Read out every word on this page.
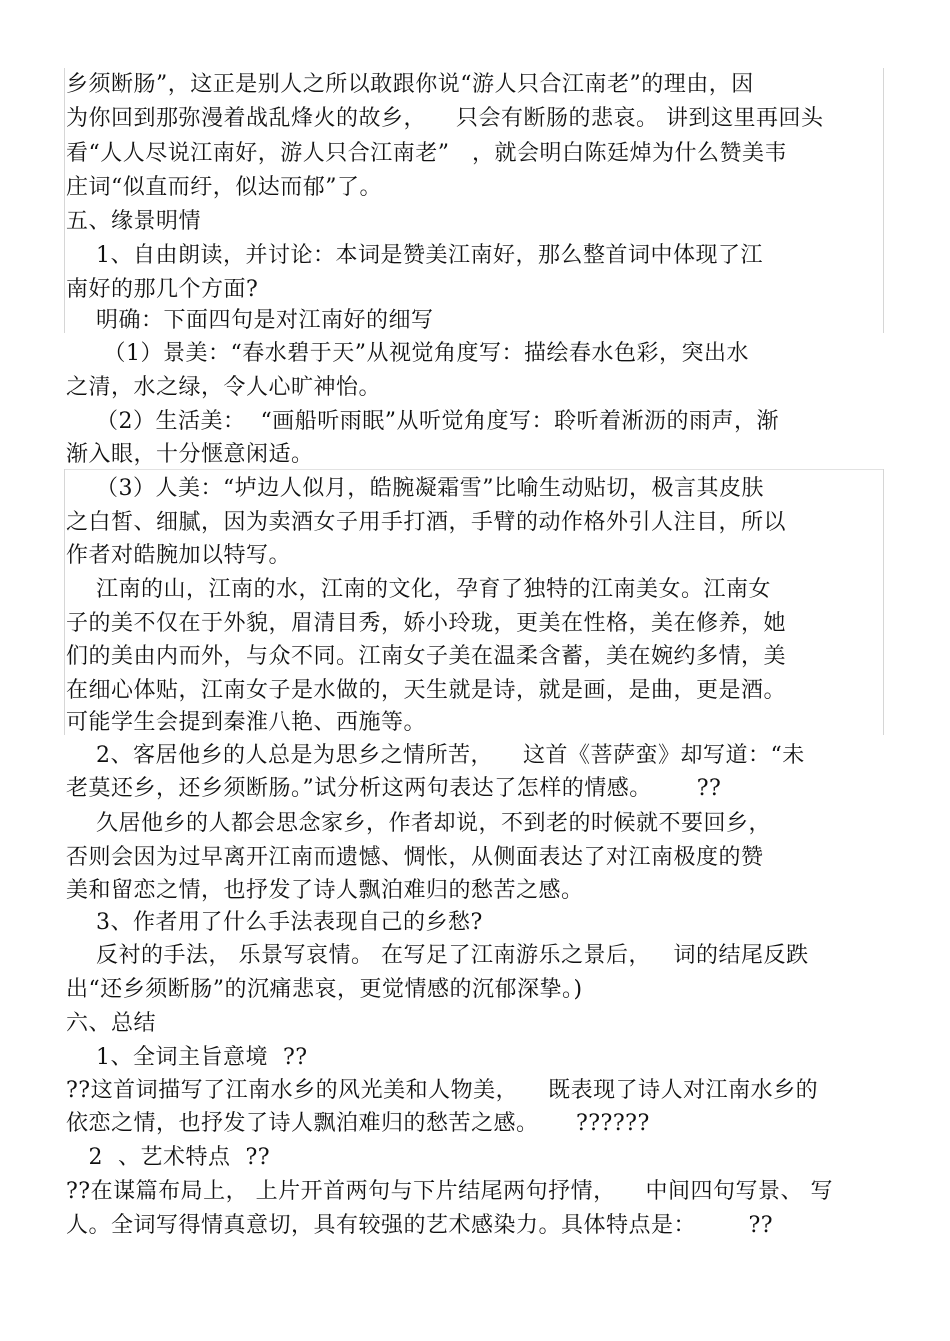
乡须断肠”，这正是别人之所以敢跟你说“游人只合江南老”的理由，因
为你回到那弥漫着战乱烽火的故乡，    只会有断肠的悲哀。 讲到这里再回头
看“人人尽说江南好，游人只合江南老”   ，就会明白陈廷焯为什么赞美韦
庄词“似直而纡，似达而郁”了。
五、缘景明情
1、自由朗读，并讨论：本词是赞美江南好，那么整首词中体现了江
南好的那几个方面?
明确：下面四句是对江南好的细写
（1）景美：“春水碧于天”从视觉角度写：描绘春水色彩，突出水
之清，水之绿，令人心旷神怡。
（2）生活美：  “画船听雨眠”从听觉角度写：聆听着淅沥的雨声，渐
渐入眼，十分惬意闲适。
（3）人美：“垆边人似月，皓腕凝霜雪”比喻生动贴切，极言其皮肤
之白皙、细腻，因为卖酒女子用手打酒，手臂的动作格外引人注目，所以
作者对皓腕加以特写。
江南的山，江南的水，江南的文化，孕育了独特的江南美女。江南女
子的美不仅在于外貌，眉清目秀，娇小玲珑，更美在性格，美在修养，她
们的美由内而外，与众不同。江南女子美在温柔含蓄，美在婉约多情，美
在细心体贴，江南女子是水做的，天生就是诗，就是画，是曲，更是酒。
可能学生会提到秦淮八艳、西施等。
2、客居他乡的人总是为思乡之情所苦，    这首《菩萨蛮》却写道：“未
老莫还乡，还乡须断肠。”试分析这两句表达了怎样的情感。      ??
久居他乡的人都会思念家乡，作者却说，不到老的时候就不要回乡，
否则会因为过早离开江南而遗憾、惆怅，从侧面表达了对江南极度的赞
美和留恋之情，也抒发了诗人飘泊难归的愁苦之感。
3、作者用了什么手法表现自己的乡愁?
反衬的手法， 乐景写哀情。 在写足了江南游乐之景后，   词的结尾反跌
出“还乡须断肠”的沉痛悲哀，更觉情感的沉郁深挚。)
六、总结
1、全词主旨意境  ??
??这首词描写了江南水乡的风光美和人物美，    既表现了诗人对江南水乡的
依恋之情，也抒发了诗人飘泊难归的愁苦之感。     ??????
2  、艺术特点  ??
??在谋篇布局上， 上片开首两句与下片结尾两句抒情，    中间四句写景、 写
人。全词写得情真意切，具有较强的艺术感染力。具体特点是：       ??
